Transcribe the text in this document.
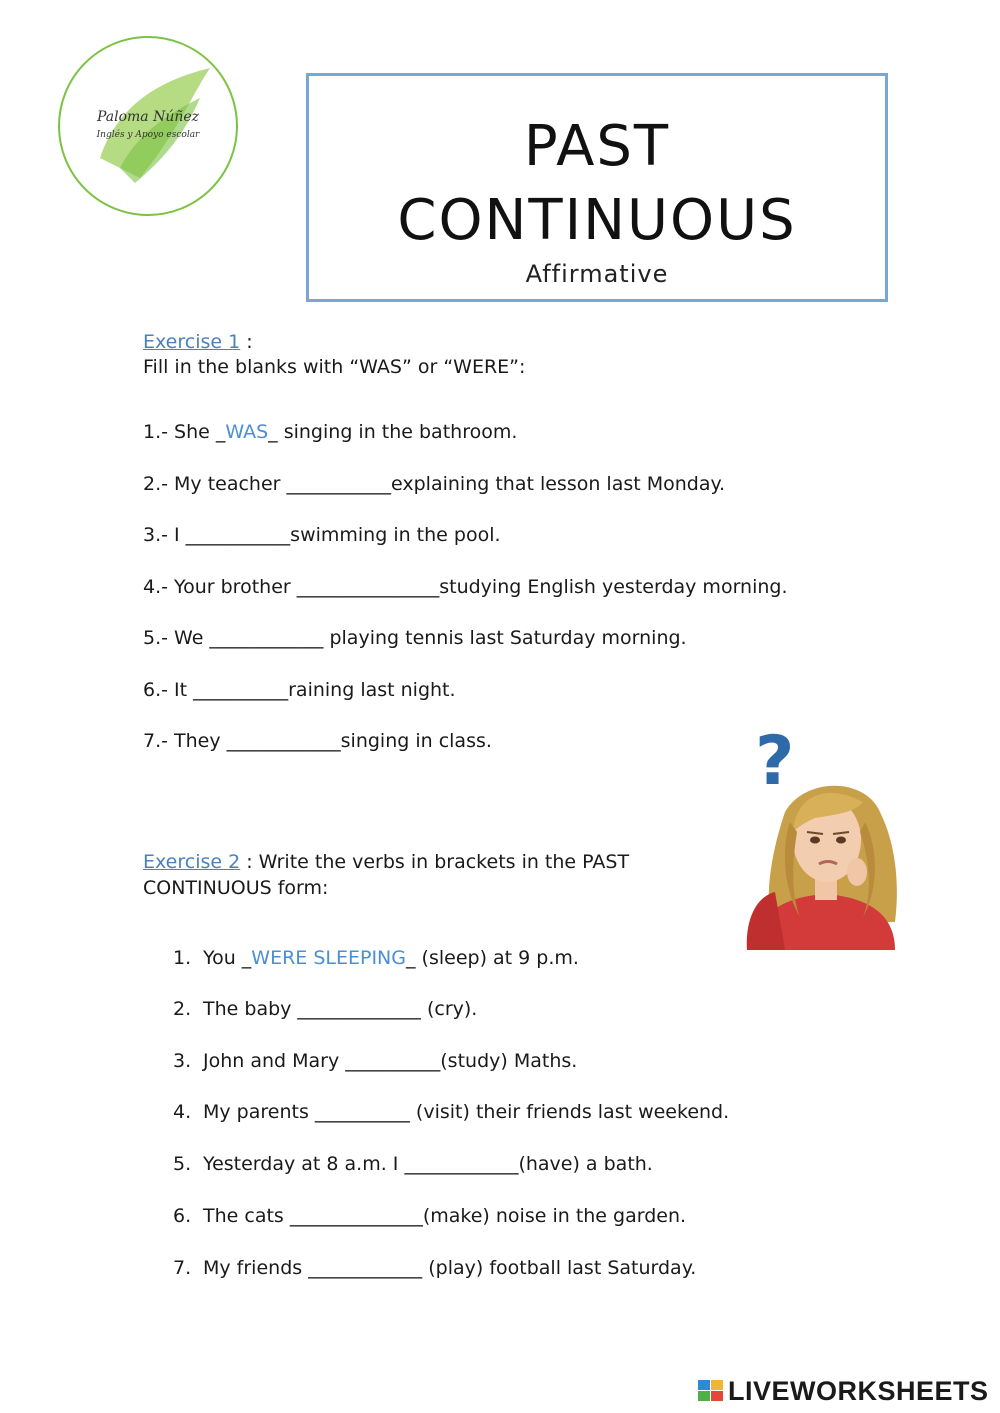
Paloma Núñez
Inglés y Apoyo escolar	PAST
CONTINUOUS
Affirmative
Exercise 1 :
Fill in the blanks with “WAS” or “WERE”:
1.- She _WAS_ singing in the bathroom.
2.- My teacher ___________explaining that lesson last Monday.
3.- I ___________swimming in the pool.
4.- Your brother _______________studying English yesterday morning.
5.- We ____________ playing tennis last Saturday morning.
6.- It __________raining last night.
7.- They ____________singing in class.	?
Exercise 2 : Write the verbs in brackets in the PAST
CONTINUOUS form:
1. You _WERE SLEEPING_ (sleep) at 9 p.m.
2. The baby _____________ (cry).
3. John and Mary __________(study) Maths.
4. My parents __________ (visit) their friends last weekend.
5. Yesterday at 8 a.m. I ____________(have) a bath.
6. The cats ______________(make) noise in the garden.
7. My friends ____________ (play) football last Saturday.
LIVEWORKSHEETS
